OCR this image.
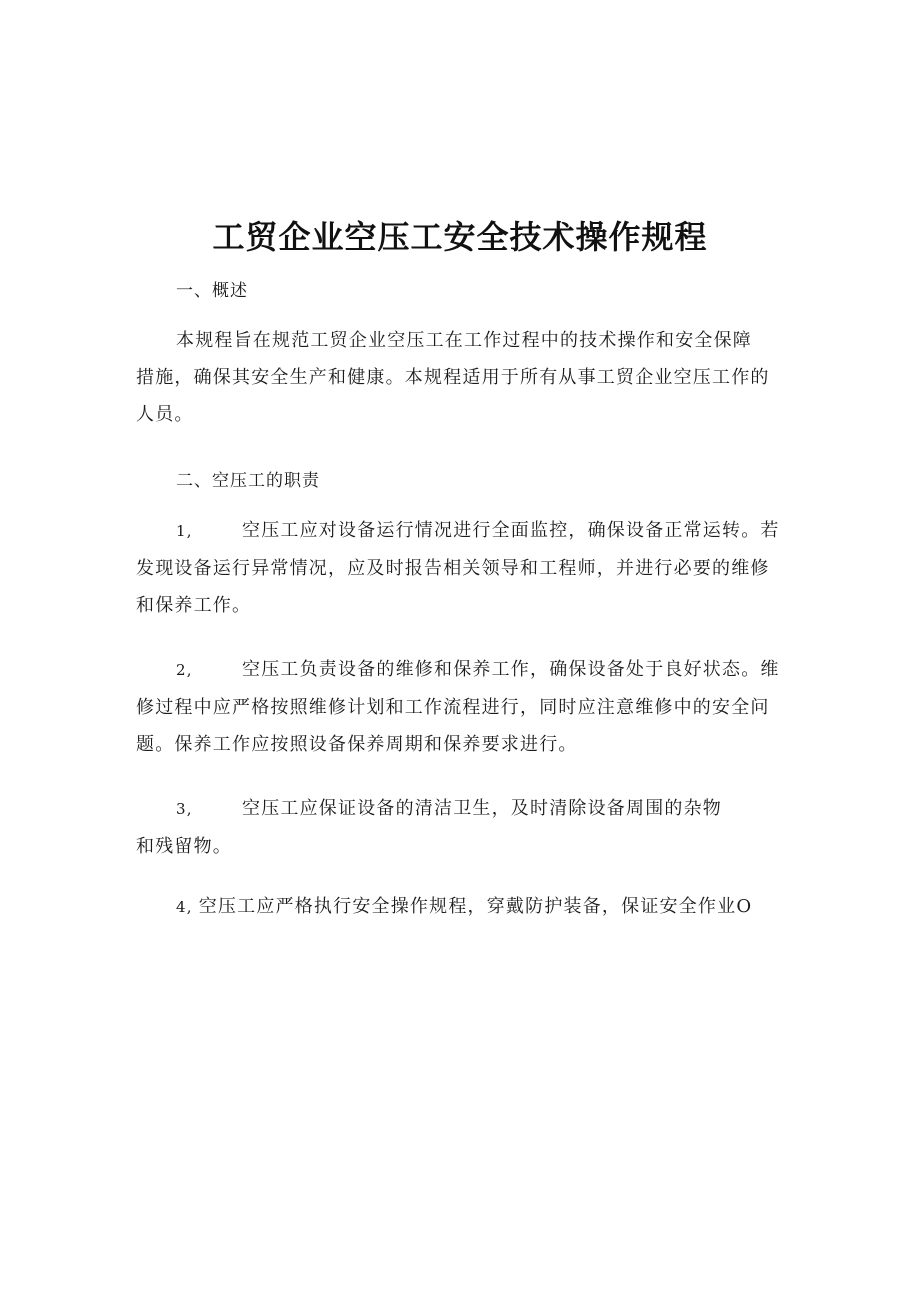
工贸企业空压工安全技术操作规程
一、概述
本规程旨在规范工贸企业空压工在工作过程中的技术操作和安全保障
措施，确保其安全生产和健康。本规程适用于所有从事工贸企业空压工作的
人员。
二、空压工的职责
1,	空压工应对设备运行情况进行全面监控，确保设备正常运转。若
发现设备运行异常情况，应及时报告相关领导和工程师，并进行必要的维修
和保养工作。
2,	空压工负责设备的维修和保养工作，确保设备处于良好状态。维
修过程中应严格按照维修计划和工作流程进行，同时应注意维修中的安全问
题。保养工作应按照设备保养周期和保养要求进行。
3,	空压工应保证设备的清洁卫生，及时清除设备周围的杂物
和残留物。
4, 空压工应严格执行安全操作规程，穿戴防护装备，保证安全作业O
